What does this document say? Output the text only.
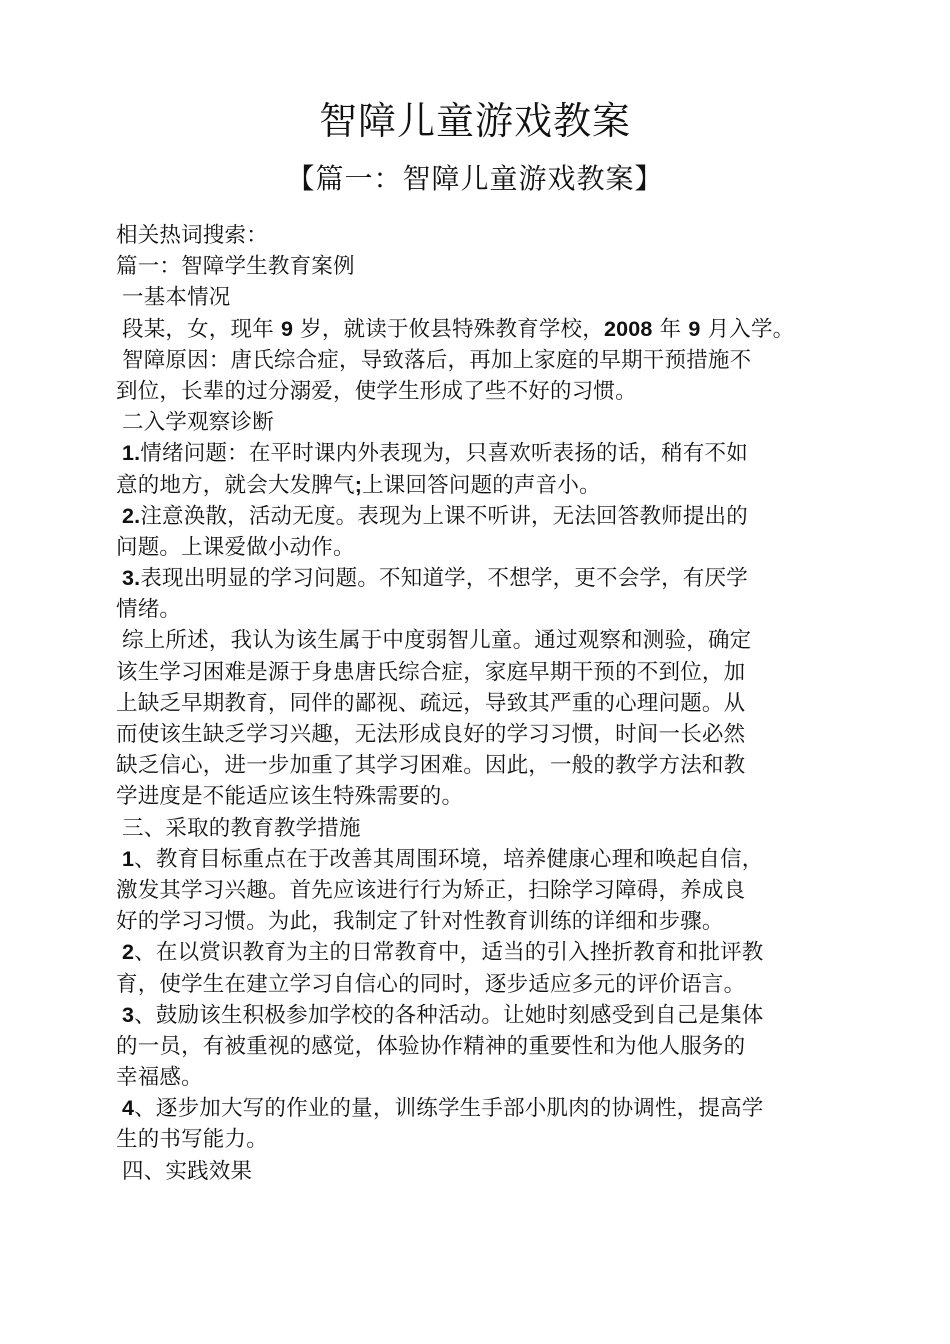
智障儿童游戏教案
【篇一：智障儿童游戏教案】
相关热词搜索：
篇一：智障学生教育案例
一基本情况
段某，女，现年 9 岁，就读于攸县特殊教育学校，2008 年 9 月入学。
智障原因：唐氏综合症，导致落后，再加上家庭的早期干预措施不
到位，长辈的过分溺爱，使学生形成了些不好的习惯。
二入学观察诊断
1.情绪问题：在平时课内外表现为，只喜欢听表扬的话，稍有不如
意的地方，就会大发脾气;上课回答问题的声音小。
2.注意涣散，活动无度。表现为上课不听讲，无法回答教师提出的
问题。上课爱做小动作。
3.表现出明显的学习问题。不知道学，不想学，更不会学，有厌学
情绪。
综上所述，我认为该生属于中度弱智儿童。通过观察和测验，确定
该生学习困难是源于身患唐氏综合症，家庭早期干预的不到位，加
上缺乏早期教育，同伴的鄙视、疏远，导致其严重的心理问题。从
而使该生缺乏学习兴趣，无法形成良好的学习习惯，时间一长必然
缺乏信心，进一步加重了其学习困难。因此，一般的教学方法和教
学进度是不能适应该生特殊需要的。
三、采取的教育教学措施
1、教育目标重点在于改善其周围环境，培养健康心理和唤起自信，
激发其学习兴趣。首先应该进行行为矫正，扫除学习障碍，养成良
好的学习习惯。为此，我制定了针对性教育训练的详细和步骤。
2、在以赏识教育为主的日常教育中，适当的引入挫折教育和批评教
育，使学生在建立学习自信心的同时，逐步适应多元的评价语言。
3、鼓励该生积极参加学校的各种活动。让她时刻感受到自己是集体
的一员，有被重视的感觉，体验协作精神的重要性和为他人服务的
幸福感。
4、逐步加大写的作业的量，训练学生手部小肌肉的协调性，提高学
生的书写能力。
四、实践效果
